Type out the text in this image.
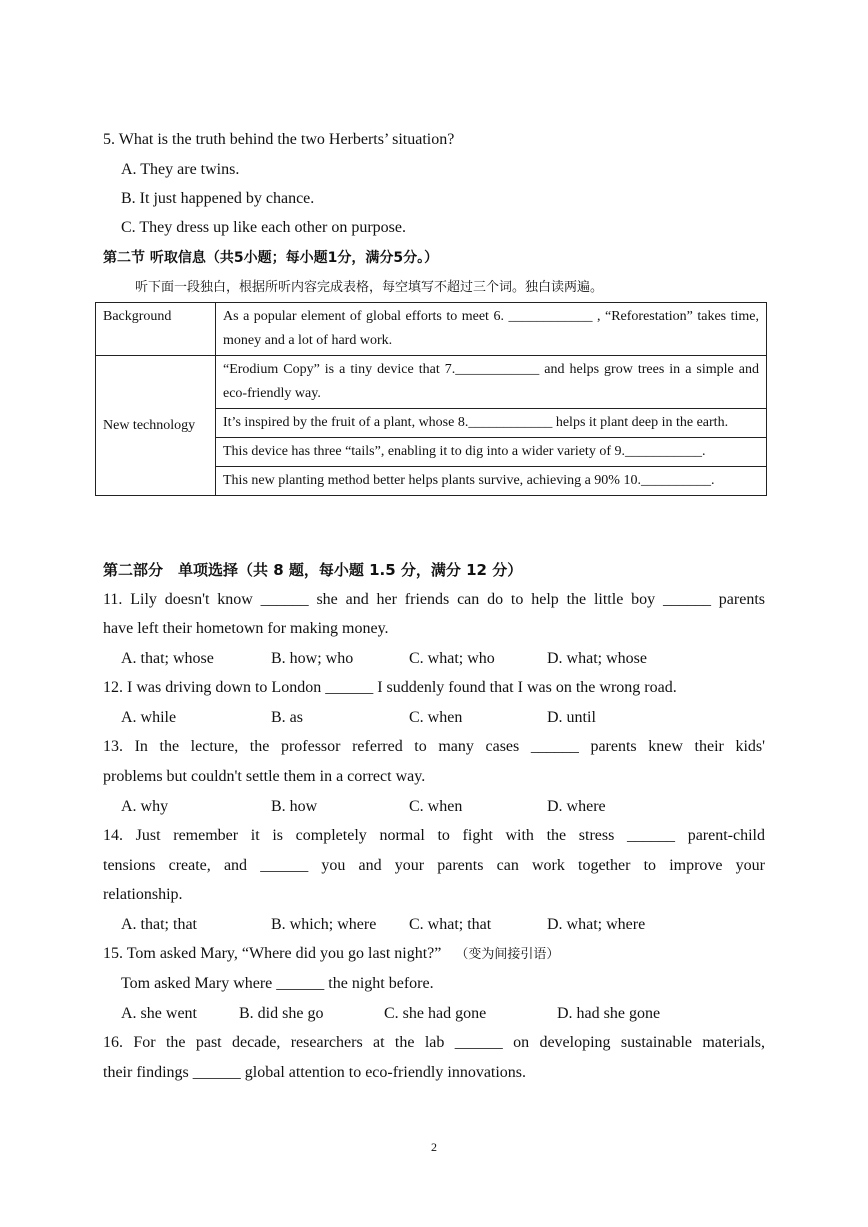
5. What is the truth behind the two Herberts’ situation?
A. They are twins.
B. It just happened by chance.
C. They dress up like each other on purpose.
第二节 听取信息（共5小题；每小题1分，满分5分。）
听下面一段独白，根据所听内容完成表格，每空填写不超过三个词。独白读两遍。
Background	As a popular element of global efforts to meet 6. ____________ , “Reforestation” takes time, money and a lot of hard work.
New technology	“Erodium Copy” is a tiny device that 7.____________ and helps grow trees in a simple and eco-friendly way.
	It’s inspired by the fruit of a plant, whose 8.____________ helps it plant deep in the earth.
	This device has three “tails”, enabling it to dig into a wider variety of 9.___________.
	This new planting method better helps plants survive, achieving a 90% 10.__________.
第二部分　单项选择（共 8 题，每小题 1.5 分，满分 12 分）
11. Lily doesn't know ______ she and her friends can do to help the little boy ______ parents
have left their hometown for making money.
A. that; whose	B. how; who	C. what; who	D. what; whose
12. I was driving down to London ______ I suddenly found that I was on the wrong road.
A. while	B. as	C. when	D. until
13. In the lecture, the professor referred to many cases ______ parents knew their kids'
problems but couldn't settle them in a correct way.
A. why	B. how	C. when	D. where
14. Just remember it is completely normal to fight with the stress ______ parent-child
tensions create, and ______ you and your parents can work together to improve your
relationship.
A. that; that	B. which; where C. what; that	D. what; where
15. Tom asked Mary, “Where did you go last night?” （变为间接引语）
Tom asked Mary where ______ the night before.
A. she went	B. did she go	C. she had gone	D. had she gone
16. For the past decade, researchers at the lab ______ on developing sustainable materials,
their findings ______ global attention to eco-friendly innovations.
2
